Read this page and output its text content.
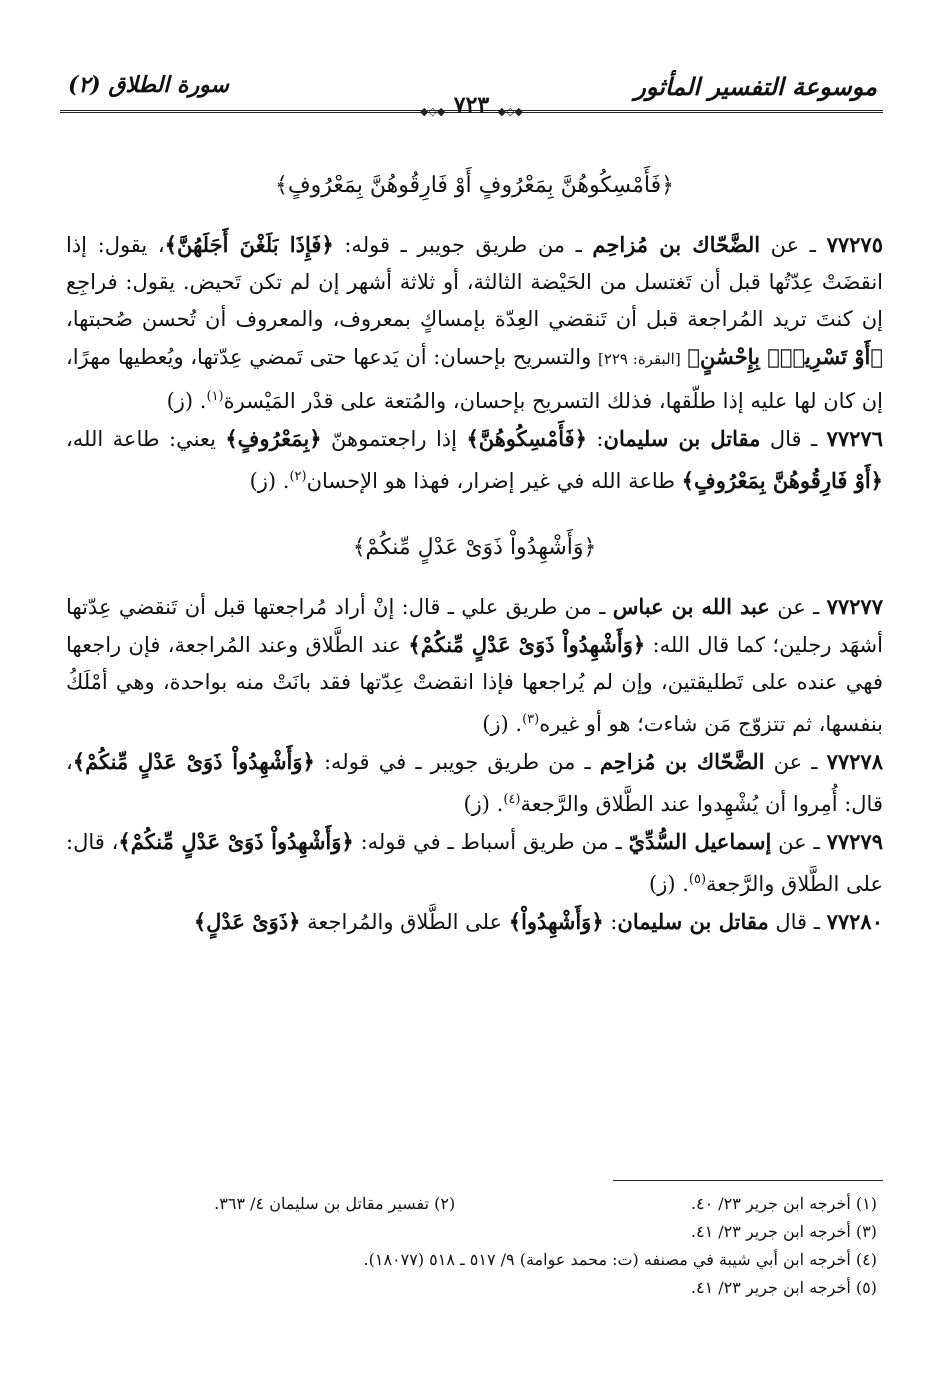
موسوعة التفسير المأثور
سورة الطلاق (٢)
◆◇◆
◆◇◆ ٧٢٣
﴿فَأَمْسِكُوهُنَّ بِمَعْرُوفٍ أَوْ فَارِقُوهُنَّ بِمَعْرُوفٍ﴾

٧٧٢٧٥ ـ عن الضَّحّاك بن مُزاحِم ـ من طريق جويبر ـ قوله: ﴿فَإِذَا بَلَغْنَ أَجَلَهُنَّ﴾، يقول: إذا انقضَتْ عِدّتُها قبل أن تَغتسل من الحَيْضة الثالثة، أو ثلاثة أشهر إن لم تكن تَحيض. يقول: فراجِع إن كنتَ تريد المُراجعة قبل أن تَنقضي العِدّة بإمساكٍ بمعروف، والمعروف أن تُحسن صُحبتها، ﴿أَوْ تَسْرِيحُۢ بِإِحْسَٰنٍ﴾ [البقرة: ٢٢٩] والتسريح بإحسان: أن يَدعها حتى تَمضي عِدّتها، ويُعطيها مهرًا، إن كان لها عليه إذا طلّقها، فذلك التسريح بإحسان، والمُتعة على قدْر المَيْسرة$^{(١)}$. (ز)

٧٧٢٧٦ ـ قال مقاتل بن سليمان: ﴿فَأَمْسِكُوهُنَّ﴾ إذا راجعتموهنّ ﴿بِمَعْرُوفٍ﴾ يعني: طاعة الله، ﴿أَوْ فَارِقُوهُنَّ بِمَعْرُوفٍ﴾ طاعة الله في غير إضرار، فهذا هو الإحسان$^{(٢)}$. (ز)

﴿وَأَشْهِدُواْ ذَوَىْ عَدْلٍ مِّنكُمْ﴾

٧٧٢٧٧ ـ عن عبد الله بن عباس ـ من طريق علي ـ قال: إنْ أراد مُراجعتها قبل أن تَنقضي عِدّتها أشهَد رجلين؛ كما قال الله: ﴿وَأَشْهِدُواْ ذَوَىْ عَدْلٍ مِّنكُمْ﴾ عند الطَّلاق وعند المُراجعة، فإن راجعها فهي عنده على تَطليقتين، وإن لم يُراجعها فإذا انقضتْ عِدّتها فقد بانَتْ منه بواحدة، وهي أمْلَكُ بنفسها، ثم تتزوّج مَن شاءت؛ هو أو غيره$^{(٣)}$. (ز)

٧٧٢٧٨ ـ عن الضَّحّاك بن مُزاحِم ـ من طريق جويبر ـ في قوله: ﴿وَأَشْهِدُواْ ذَوَىْ عَدْلٍ مِّنكُمْ﴾، قال: أُمِروا أن يُشْهِدوا عند الطَّلاق والرَّجعة$^{(٤)}$. (ز)

٧٧٢٧٩ ـ عن إسماعيل السُّدِّيّ ـ من طريق أسباط ـ في قوله: ﴿وَأَشْهِدُواْ ذَوَىْ عَدْلٍ مِّنكُمْ﴾، قال: على الطَّلاق والرَّجعة$^{(٥)}$. (ز)

٧٧٢٨٠ ـ قال مقاتل بن سليمان: ﴿وَأَشْهِدُواْ﴾ على الطَّلاق والمُراجعة ﴿ذَوَىْ عَدْلٍ﴾

(١) أخرجه ابن جرير ٢٣/ ٤٠.
(٢) تفسير مقاتل بن سليمان ٤/ ٣٦٣.
(٣) أخرجه ابن جرير ٢٣/ ٤١.
(٤) أخرجه ابن أبي شيبة في مصنفه (ت: محمد عوامة) ٩/ ٥١٧ ـ ٥١٨ (١٨٠٧٧).
(٥) أخرجه ابن جرير ٢٣/ ٤١.
